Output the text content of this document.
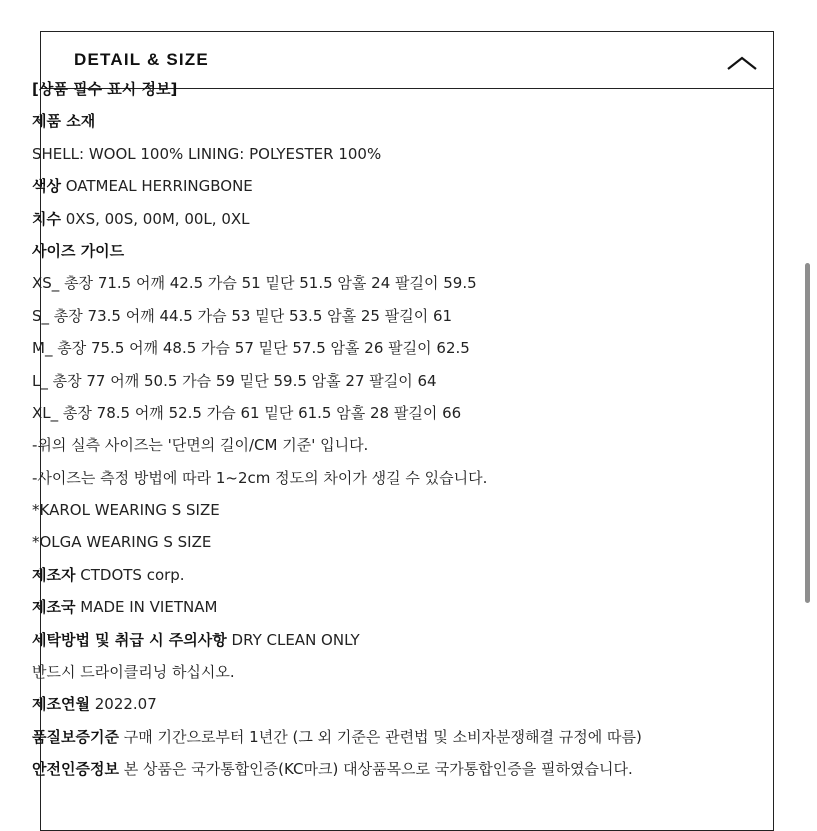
DETAIL & SIZE
[상품 필수 표시 정보]
제품 소재
SHELL: WOOL 100% LINING: POLYESTER 100%
색상 OATMEAL HERRINGBONE
치수 0XS, 00S, 00M, 00L, 0XL
사이즈 가이드
XS_ 총장 71.5 어깨 42.5 가슴 51 밑단 51.5 암홀 24 팔길이 59.5
S_ 총장 73.5 어깨 44.5 가슴 53 밑단 53.5 암홀 25 팔길이 61
M_ 총장 75.5 어깨 48.5 가슴 57 밑단 57.5 암홀 26 팔길이 62.5
L_ 총장 77 어깨 50.5 가슴 59 밑단 59.5 암홀 27 팔길이 64
XL_ 총장 78.5 어깨 52.5 가슴 61 밑단 61.5 암홀 28 팔길이 66
-위의 실측 사이즈는 '단면의 길이/CM 기준' 입니다.
-사이즈는 측정 방법에 따라 1~2cm 정도의 차이가 생길 수 있습니다.
*KAROL WEARING S SIZE
*OLGA WEARING S SIZE
제조자 CTDOTS corp.
제조국 MADE IN VIETNAM
세탁방법 및 취급 시 주의사항 DRY CLEAN ONLY
반드시 드라이클리닝 하십시오.
제조연월 2022.07
품질보증기준 구매 기간으로부터 1년간 (그 외 기준은 관련법 및 소비자분쟁해결 규정에 따름)
안전인증정보 본 상품은 국가통합인증(KC마크) 대상품목으로 국가통합인증을 필하였습니다.
